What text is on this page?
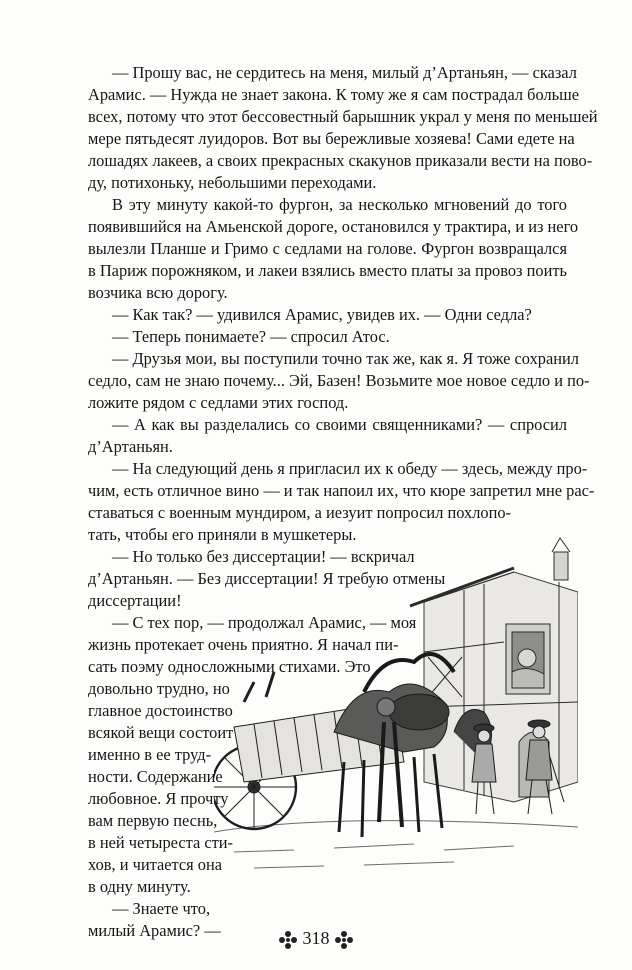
— Прошу вас, не сердитесь на меня, милый д’Артаньян, — сказал
Арамис. — Нужда не знает закона. К тому же я сам пострадал больше
всех, потому что этот бессовестный барышник украл у меня по меньшей
мере пятьдесят луидоров. Вот вы бережливые хозяева! Сами едете на
лошадях лакеев, а своих прекрасных скакунов приказали вести на пово-
ду, потихоньку, небольшими переходами.
В эту минуту какой-то фургон, за несколько мгновений до того
появившийся на Амьенской дороге, остановился у трактира, и из него
вылезли Планше и Гримо с седлами на голове. Фургон возвращался
в Париж порожняком, и лакеи взялись вместо платы за провоз поить
возчика всю дорогу.
— Как так? — удивился Арамис, увидев их. — Одни седла?
— Теперь понимаете? — спросил Атос.
— Друзья мои, вы поступили точно так же, как я. Я тоже сохранил
седло, сам не знаю почему... Эй, Базен! Возьмите мое новое седло и по-
ложите рядом с седлами этих господ.
— А как вы разделались со своими священниками? — спросил
д’Артаньян.
— На следующий день я пригласил их к обеду — здесь, между про-
чим, есть отличное вино — и так напоил их, что кюре запретил мне рас-
ставаться с военным мундиром, а иезуит попросил похлопо-
тать, чтобы его приняли в мушкетеры.
— Но только без диссертации! — вскричал
д’Артаньян. — Без диссертации! Я требую отмены
диссертации!
— С тех пор, — продолжал Арамис, — моя
жизнь протекает очень приятно. Я начал пи-
сать поэму односложными стихами. Это
довольно трудно, но
главное достоинство
всякой вещи состоит
именно в ее труд-
ности. Содержание
любовное. Я прочту
вам первую песнь,
в ней четыреста сти-
хов, и читается она
в одну минуту.
— Знаете что,
318
милый Арамис? —
